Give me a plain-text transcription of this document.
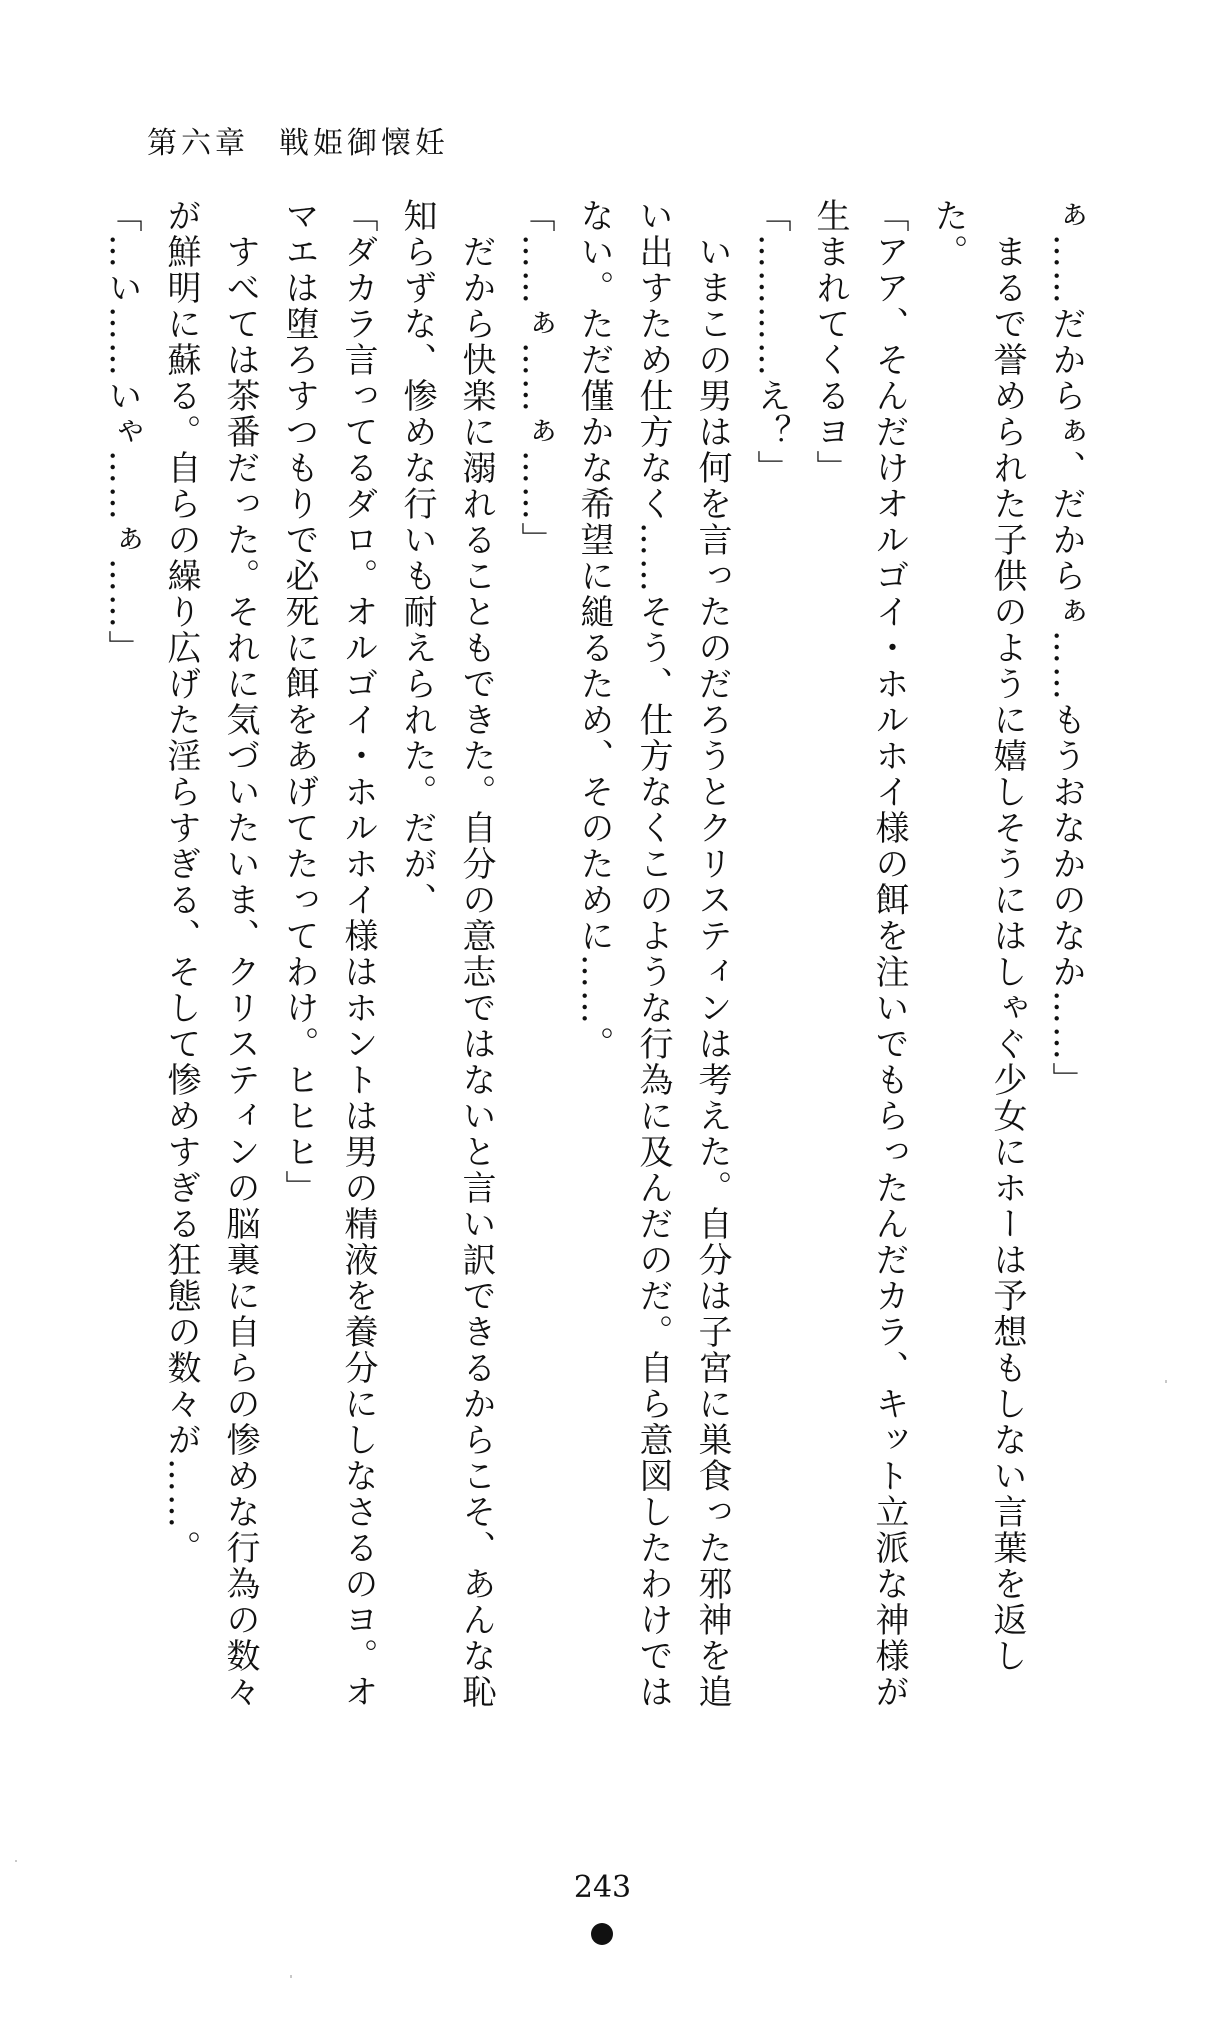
第六章 戦姫御懐妊

ぁ……だからぁ、だからぁ……もうおなかのなか……」

　まるで誉められた子供のように嬉しそうにはしゃぐ少女にホーは予想もしない言葉を返した。

「アア、そんだけオルゴイ・ホルホイ様の餌を注いでもらったんだカラ、キット立派な神様が生まれてくるヨ」

「…………え？」

　いまこの男は何を言ったのだろうとクリスティンは考えた。自分は子宮に巣食った邪神を追い出すため仕方なく……そう、仕方なくこのような行為に及んだのだ。自ら意図したわけではない。ただ僅かな希望に縋るため、そのために……。

「……ぁ……ぁ……」

　だから快楽に溺れることもできた。自分の意志ではないと言い訳できるからこそ、あんな恥知らずな、惨めな行いも耐えられた。だが、

「ダカラ言ってるダロ。オルゴイ・ホルホイ様はホントは男の精液を養分にしなさるのヨ。オマエは堕ろすつもりで必死に餌をあげてたってわけ。ヒヒヒ」

　すべては茶番だった。それに気づいたいま、クリスティンの脳裏に自らの惨めな行為の数々が鮮明に蘇る。自らの繰り広げた淫らすぎる、そして惨めすぎる狂態の数々が……。

「…い……いゃ……ぁ……」

243
